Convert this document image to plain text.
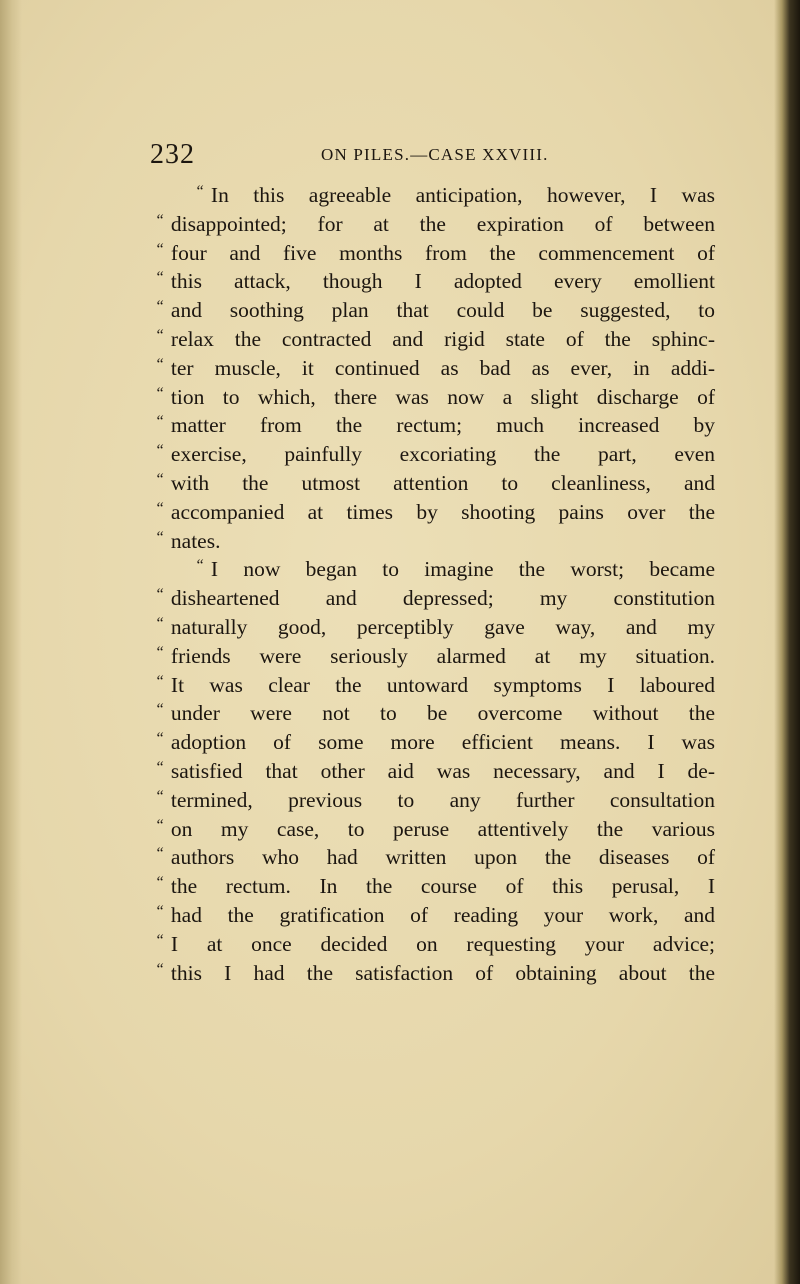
232	ON PILES.—CASE XXVIII.
“ In this agreeable anticipation, however, I was
“ disappointed; for at the expiration of between
“ four and five months from the commencement of
“ this attack, though I adopted every emollient
“ and soothing plan that could be suggested, to
“ relax the contracted and rigid state of the sphinc-
“ ter muscle, it continued as bad as ever, in addi-
“ tion to which, there was now a slight discharge of
“ matter from the rectum; much increased by
“ exercise, painfully excoriating the part, even
“ with the utmost attention to cleanliness, and
“ accompanied at times by shooting pains over the
“ nates.
“ I now began to imagine the worst; became
“ disheartened and depressed; my constitution
“ naturally good, perceptibly gave way, and my
“ friends were seriously alarmed at my situation.
“ It was clear the untoward symptoms I laboured
“ under were not to be overcome without the
“ adoption of some more efficient means. I was
“ satisfied that other aid was necessary, and I de-
“ termined, previous to any further consultation
“ on my case, to peruse attentively the various
“ authors who had written upon the diseases of
“ the rectum. In the course of this perusal, I
“ had the gratification of reading your work, and
“ I at once decided on requesting your advice;
“ this I had the satisfaction of obtaining about the
